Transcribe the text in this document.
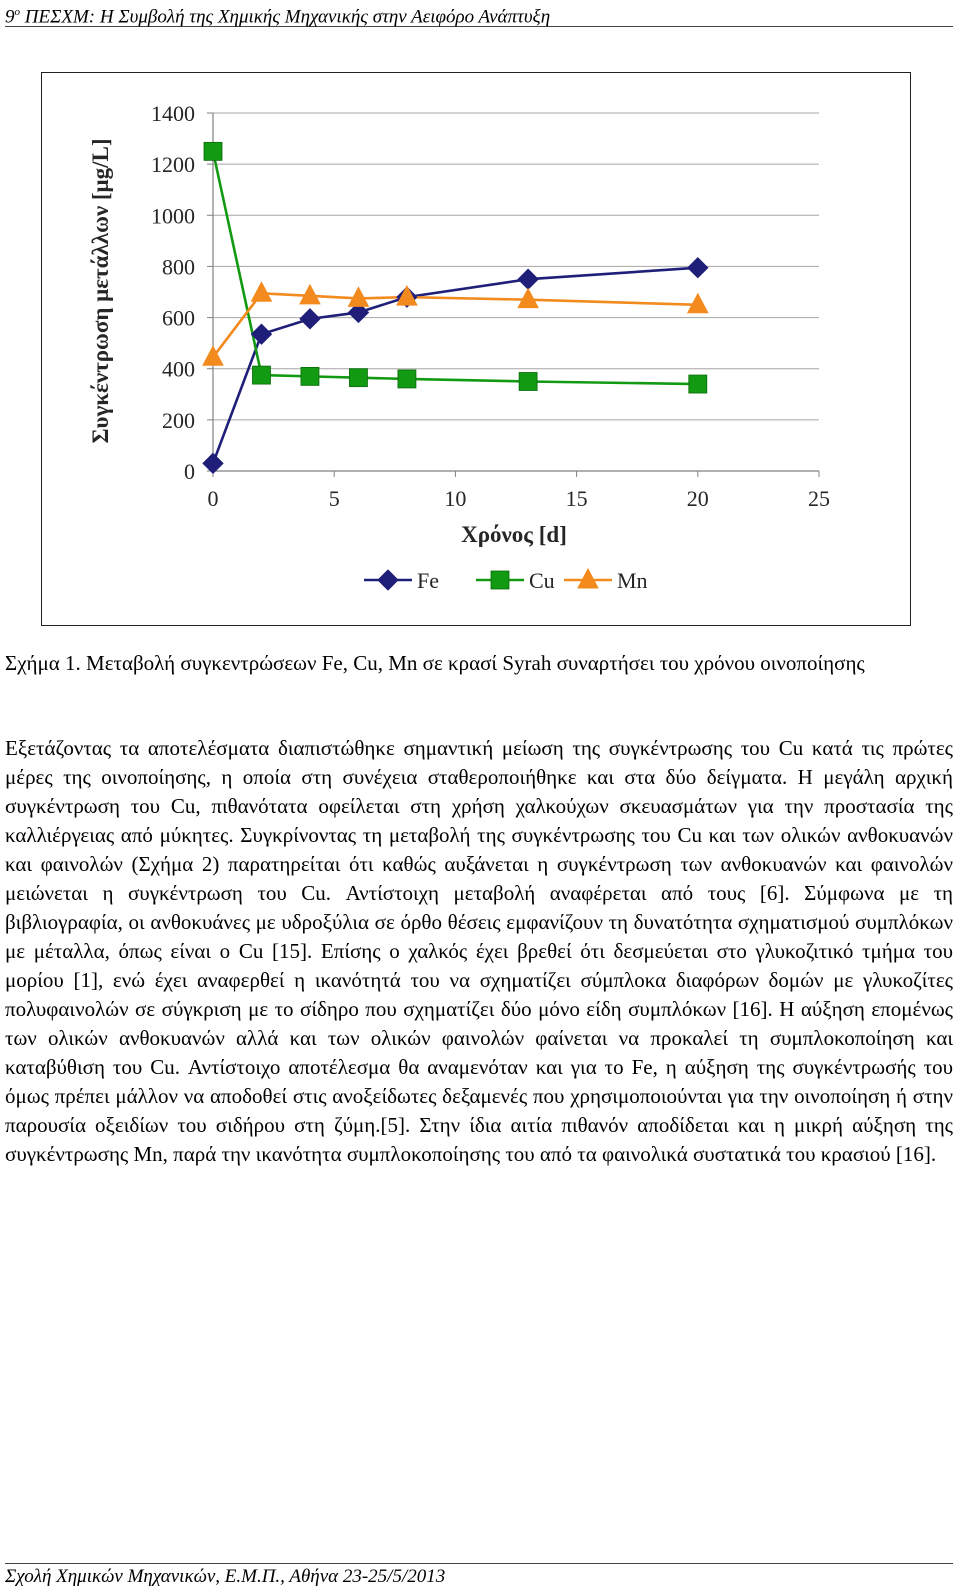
$9^o$ ΠΕΣΧΜ: Η Συμβολή της Χημικής Μηχανικής στην Αειφόρο Ανάπτυξη
0
200
400
600
800
1000
1200
1400
0	5	10	15	20	25
Χρόνος [d]
Συγκέντρωση μετάλλων [μg/L]
Fe	Cu	Mn
Σχήμα 1. Μεταβολή συγκεντρώσεων Fe, Cu, Mn σε κρασί Syrah συναρτήσει του χρόνου οινοποίησης

Εξετάζοντας τα αποτελέσματα διαπιστώθηκε σημαντική μείωση της συγκέντρωσης του Cu κατά τις πρώτες μέρες της οινοποίησης, η οποία στη συνέχεια σταθεροποιήθηκε και στα δύο δείγματα. Η μεγάλη αρχική συγκέντρωση του Cu, πιθανότατα οφείλεται στη χρήση χαλκούχων σκευασμάτων για την προστασία της καλλιέργειας από μύκητες. Συγκρίνοντας τη μεταβολή της συγκέντρωσης του Cu και των ολικών ανθοκυανών και φαινολών (Σχήμα 2) παρατηρείται ότι καθώς αυξάνεται η συγκέντρωση των ανθοκυανών και φαινολών μειώνεται η συγκέντρωση του Cu. Αντίστοιχη μεταβολή αναφέρεται από τους [6]. Σύμφωνα με τη βιβλιογραφία, οι ανθοκυάνες με υδροξύλια σε όρθο θέσεις εμφανίζουν τη δυνατότητα σχηματισμού συμπλόκων με μέταλλα, όπως είναι ο Cu [15]. Επίσης ο χαλκός έχει βρεθεί ότι δεσμεύεται στο γλυκοζιτικό τμήμα του μορίου [1], ενώ έχει αναφερθεί η ικανότητά του να σχηματίζει σύμπλοκα διαφόρων δομών με γλυκοζίτες πολυφαινολών σε σύγκριση με το σίδηρο που σχηματίζει δύο μόνο είδη συμπλόκων [16]. Η αύξηση επομένως των ολικών ανθοκυανών αλλά και των ολικών φαινολών φαίνεται να προκαλεί τη συμπλοκοποίηση και καταβύθιση του Cu. Αντίστοιχο αποτέλεσμα θα αναμενόταν και για το Fe, η αύξηση της συγκέντρωσής του όμως πρέπει μάλλον να αποδοθεί στις ανοξείδωτες δεξαμενές που χρησιμοποιούνται για την οινοποίηση ή στην παρουσία οξειδίων του σιδήρου στη ζύμη.[5]. Στην ίδια αιτία πιθανόν αποδίδεται και η μικρή αύξηση της συγκέντρωσης Mn, παρά την ικανότητα συμπλοκοποίησης του από τα φαινολικά συστατικά του κρασιού [16].

Σχολή Χημικών Μηχανικών, Ε.Μ.Π., Αθήνα 23-25/5/2013
